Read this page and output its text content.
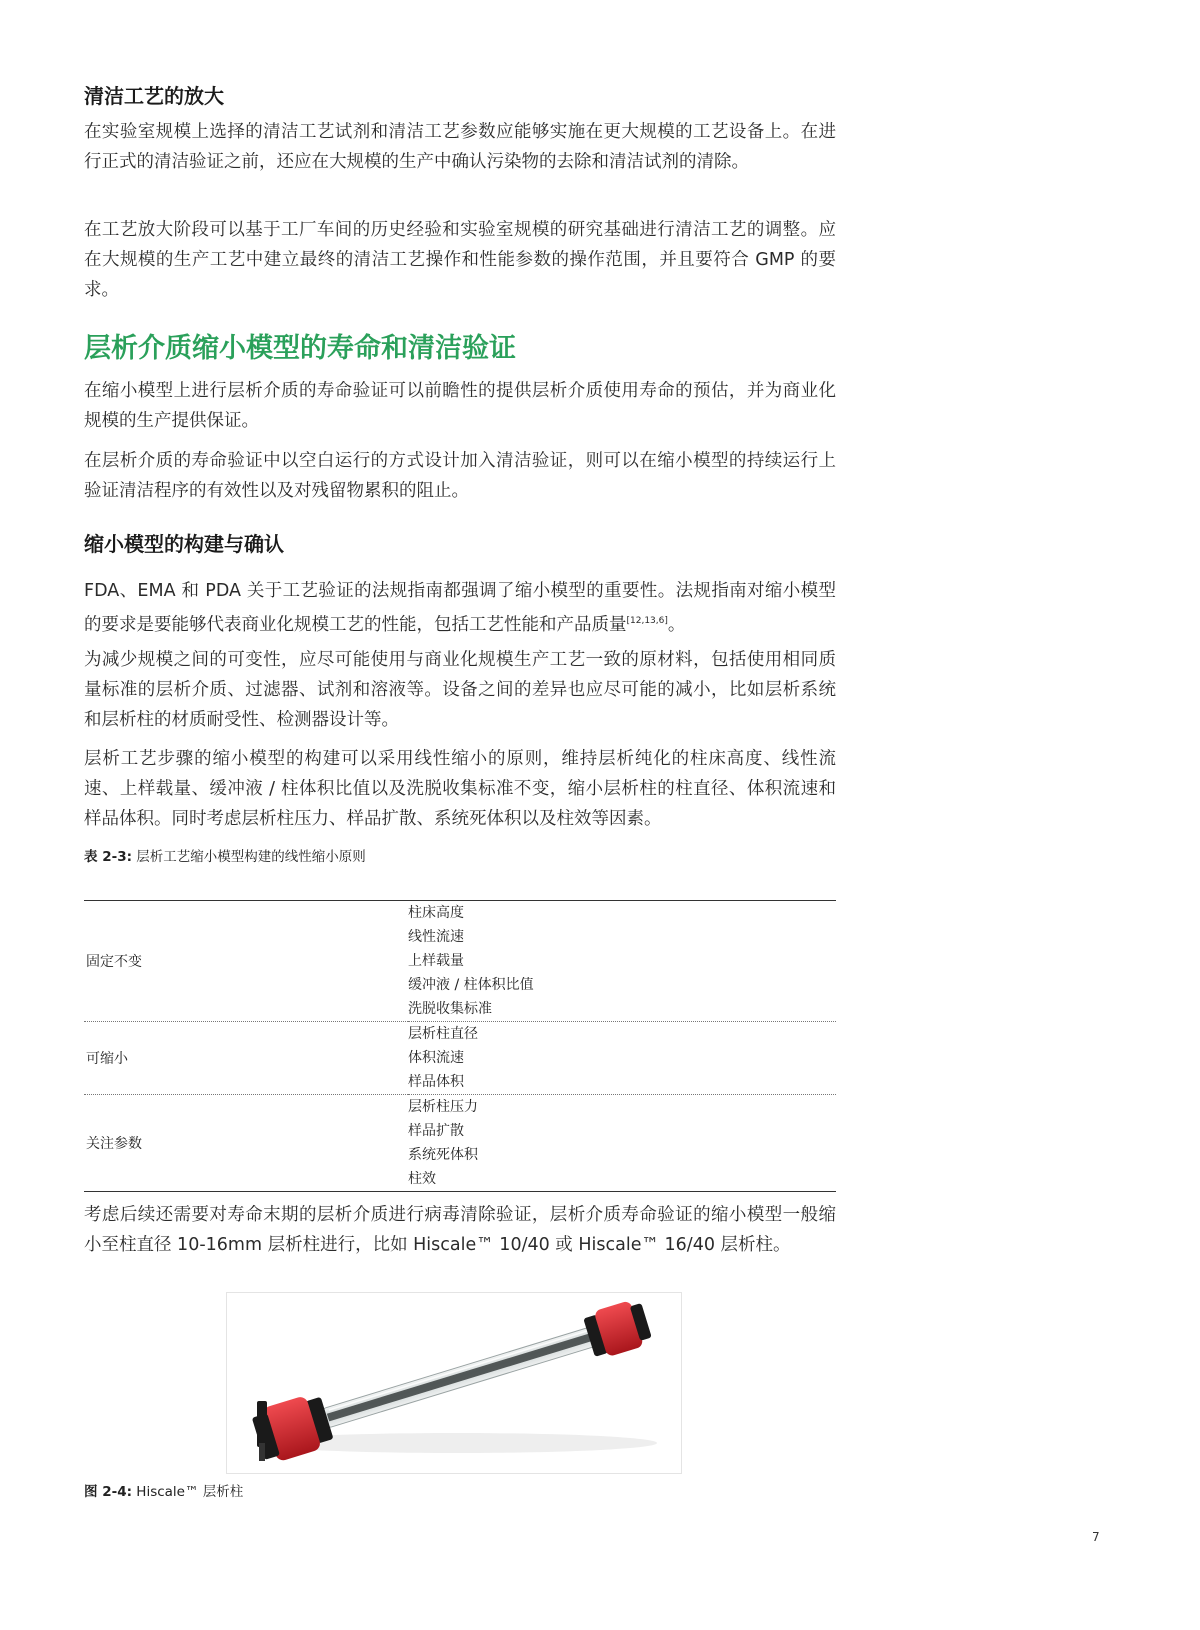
清洁工艺的放大

在实验室规模上选择的清洁工艺试剂和清洁工艺参数应能够实施在更大规模的工艺设备上。在进行正式的清洁验证之前，还应在大规模的生产中确认污染物的去除和清洁试剂的清除。

在工艺放大阶段可以基于工厂车间的历史经验和实验室规模的研究基础进行清洁工艺的调整。应在大规模的生产工艺中建立最终的清洁工艺操作和性能参数的操作范围，并且要符合 GMP 的要求。

层析介质缩小模型的寿命和清洁验证

在缩小模型上进行层析介质的寿命验证可以前瞻性的提供层析介质使用寿命的预估，并为商业化规模的生产提供保证。

在层析介质的寿命验证中以空白运行的方式设计加入清洁验证，则可以在缩小模型的持续运行上验证清洁程序的有效性以及对残留物累积的阻止。

缩小模型的构建与确认

FDA、EMA 和 PDA 关于工艺验证的法规指南都强调了缩小模型的重要性。法规指南对缩小模型的要求是要能够代表商业化规模工艺的性能，包括工艺性能和产品质量[12,13,6]。

为减少规模之间的可变性，应尽可能使用与商业化规模生产工艺一致的原材料，包括使用相同质量标准的层析介质、过滤器、试剂和溶液等。设备之间的差异也应尽可能的减小，比如层析系统和层析柱的材质耐受性、检测器设计等。

层析工艺步骤的缩小模型的构建可以采用线性缩小的原则，维持层析纯化的柱床高度、线性流速、上样载量、缓冲液 / 柱体积比值以及洗脱收集标准不变，缩小层析柱的柱直径、体积流速和样品体积。同时考虑层析柱压力、样品扩散、系统死体积以及柱效等因素。

表 2-3: 层析工艺缩小模型构建的线性缩小原则

固定不变	柱床高度
线性流速
上样载量
缓冲液 / 柱体积比值
洗脱收集标准

可缩小	层析柱直径
体积流速
样品体积

关注参数	层析柱压力
样品扩散
系统死体积
柱效

考虑后续还需要对寿命末期的层析介质进行病毒清除验证，层析介质寿命验证的缩小模型一般缩小至柱直径 10-16mm 层析柱进行，比如 Hiscale™ 10/40 或 Hiscale™ 16/40 层析柱。

图 2-4: Hiscale™ 层析柱

7
